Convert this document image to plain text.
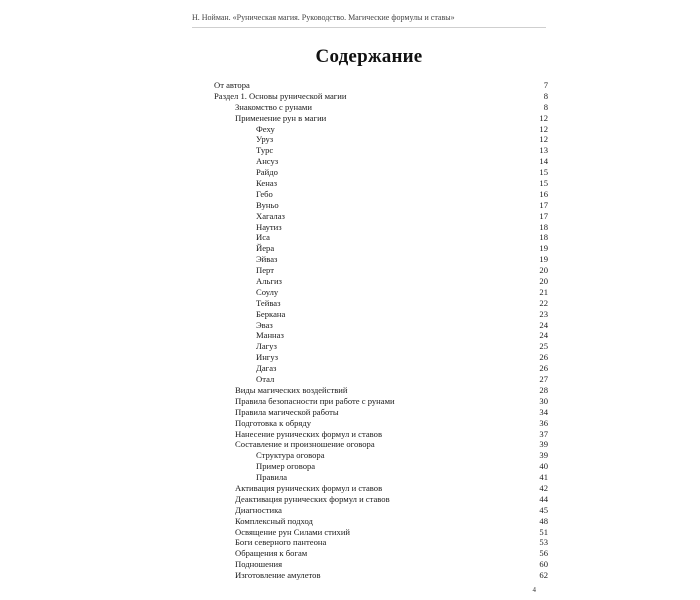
Н. Нойман. «Руническая магия. Руководство. Магические формулы и ставы»
Содержание
От автора	7
Раздел 1. Основы рунической магии	8
Знакомство с рунами	8
Применение рун в магии	12
Феху	12
Уруз	12
Турс	13
Ансуз	14
Райдо	15
Кеназ	15
Гебо	16
Вуньо	17
Хагалаз	17
Наутиз	18
Иса	18
Йера	19
Эйваз	19
Перт	20
Альгиз	20
Соулу	21
Тейваз	22
Беркана	23
Эваз	24
Манназ	24
Лагуз	25
Ингуз	26
Дагаз	26
Отал	27
Виды магических воздействий	28
Правила безопасности при работе с рунами	30
Правила магической работы	34
Подготовка к обряду	36
Нанесение рунических формул и ставов	37
Составление и произношение оговора	39
Структура оговора	39
Пример оговора	40
Правила	41
Активация рунических формул и ставов	42
Деактивация рунических формул и ставов	44
Диагностика	45
Комплексный подход	48
Освящение рун Силами стихий	51
Боги северного пантеона	53
Обращения к богам	56
Подношения	60
Изготовление амулетов	62
4
